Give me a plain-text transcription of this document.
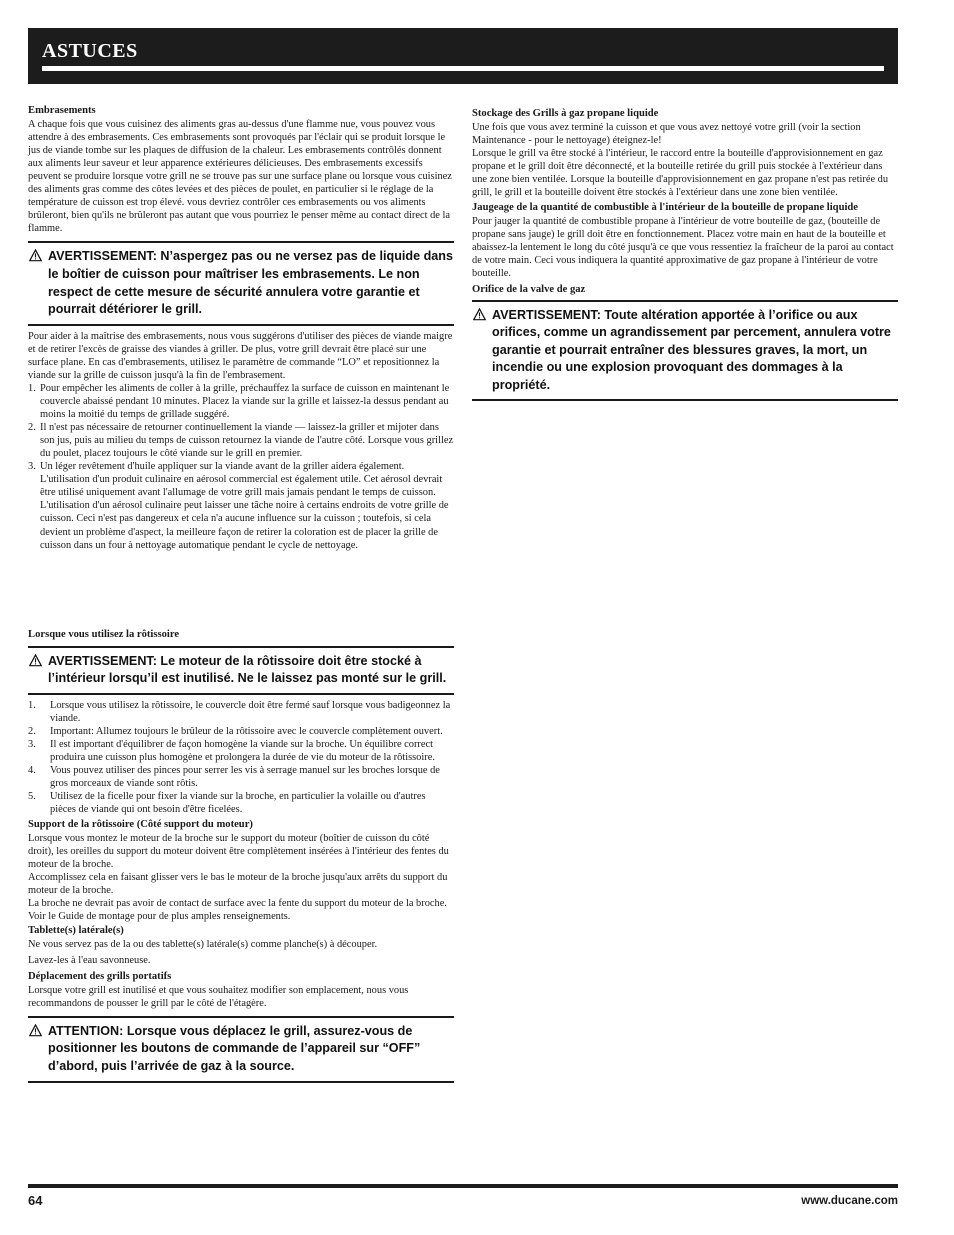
ASTUCES
Embrasements
A chaque fois que vous cuisinez des aliments gras au-dessus d'une flamme nue, vous pouvez vous attendre à des embrasements. Ces embrasements sont provoqués par l'éclair qui se produit lorsque le jus de viande tombe sur les plaques de diffusion de la chaleur. Les embrasements contrôlés donnent aux aliments leur saveur et leur apparence extérieures délicieuses. Des embrasements excessifs peuvent se produire lorsque votre grill ne se trouve pas sur une surface plane ou lorsque vous cuisinez des aliments gras comme des côtes levées et des pièces de poulet, en particulier si le réglage de la température de cuisson est trop élevé. vous devriez contrôler ces embrasements ou vos aliments brûleront, bien qu'ils ne brûleront pas autant que vous pourriez le penser même au contact direct de la flamme.
AVERTISSEMENT: N’aspergez pas ou ne versez pas de liquide dans le boîtier de cuisson pour maîtriser les embrasements. Le non respect de cette mesure de sécurité annulera votre garantie et pourrait détériorer le grill.
Pour aider à la maîtrise des embrasements, nous vous suggérons d'utiliser des pièces de viande maigre et de retirer l'excès de graisse des viandes à griller. De plus, votre grill devrait être placé sur une surface plane. En cas d'embrasements, utilisez le paramètre de commande “LO” et repositionnez la viande sur la grille de cuisson jusqu'à la fin de l'embrasement.
1. Pour empêcher les aliments de coller à la grille, préchauffez la surface de cuisson en maintenant le couvercle abaissé pendant 10 minutes. Placez la viande sur la grille et laissez-la dessus pendant au moins la moitié du temps de grillade suggéré.
2. Il n'est pas nécessaire de retourner continuellement la viande — laissez-la griller et mijoter dans son jus, puis au milieu du temps de cuisson retournez la viande de l'autre côté. Lorsque vous grillez du poulet, placez toujours le côté viande sur le grill en premier.
3. Un léger revêtement d'huile appliquer sur la viande avant de la griller aidera également. L'utilisation d'un produit culinaire en aérosol commercial est également utile. Cet aérosol devrait être utilisé uniquement avant l'allumage de votre grill mais jamais pendant le temps de cuisson. L'utilisation d'un aérosol culinaire peut laisser une tâche noire à certains endroits de votre grille de cuisson. Ceci n'est pas dangereux et cela n'a aucune influence sur la cuisson ; toutefois, si cela devient un problème d'aspect, la meilleure façon de retirer la coloration est de placer la grille de cuisson dans un four à nettoyage automatique pendant le cycle de nettoyage.
Lorsque vous utilisez la rôtissoire
AVERTISSEMENT: Le moteur de la rôtissoire doit être stocké à l’intérieur lorsqu’il est inutilisé. Ne le laissez pas monté sur le grill.
1. Lorsque vous utilisez la rôtissoire, le couvercle doit être fermé sauf lorsque vous badigeonnez la viande.
2. Important: Allumez toujours le brûleur de la rôtissoire avec le couvercle complètement ouvert.
3. Il est important d'équilibrer de façon homogène la viande sur la broche. Un équilibre correct produira une cuisson plus homogène et prolongera la durée de vie du moteur de la rôtissoire.
4. Vous pouvez utiliser des pinces pour serrer les vis à serrage manuel sur les broches lorsque de gros morceaux de viande sont rôtis.
5. Utilisez de la ficelle pour fixer la viande sur la broche, en particulier la volaille ou d'autres pièces de viande qui ont besoin d'être ficelées.
Support de la rôtissoire (Côté support du moteur)
Lorsque vous montez le moteur de la broche sur le support du moteur (boîtier de cuisson du côté droit), les oreilles du support du moteur doivent être complètement insérées à l'intérieur des fentes du moteur de la broche.
Accomplissez cela en faisant glisser vers le bas le moteur de la broche jusqu'aux arrêts du support du moteur de la broche.
La broche ne devrait pas avoir de contact de surface avec la fente du support du moteur de la broche. Voir le Guide de montage pour de plus amples renseignements.
Tablette(s) latérale(s)
Ne vous servez pas de la ou des tablette(s) latérale(s) comme planche(s) à découper.
Lavez-les à l'eau savonneuse.
Déplacement des grills portatifs
Lorsque votre grill est inutilisé et que vous souhaitez modifier son emplacement, nous vous recommandons de pousser le grill par le côté de l'étagère.
ATTENTION: Lorsque vous déplacez le grill, assurez-vous de positionner les boutons de commande de l’appareil sur “OFF” d’abord, puis l’arrivée de gaz à la source.
Stockage des Grills à gaz propane liquide
Une fois que vous avez terminé la cuisson et que vous avez nettoyé votre grill (voir la section Maintenance - pour le nettoyage) éteignez-le!
Lorsque le grill va être stocké à l'intérieur, le raccord entre la bouteille d'approvisionnement en gaz propane et le grill doit être déconnecté, et la bouteille retirée du grill puis stockée à l'extérieur dans une zone bien ventilée. Lorsque la bouteille d'approvisionnement en gaz propane n'est pas retirée du grill, le grill et la bouteille doivent être stockés à l'extérieur dans une zone bien ventilée.
Jaugeage de la quantité de combustible à l'intérieur de la bouteille de propane liquide
Pour jauger la quantité de combustible propane à l'intérieur de votre bouteille de gaz, (bouteille de propane sans jauge) le grill doit être en fonctionnement. Placez votre main en haut de la bouteille et abaissez-la lentement le long du côté jusqu'à ce que vous ressentiez la fraîcheur de la paroi au contact de votre main. Ceci vous indiquera la quantité approximative de gaz propane à l'intérieur de votre bouteille.
Orifice de la valve de gaz
AVERTISSEMENT: Toute altération apportée à l’orifice ou aux orifices, comme un agrandissement par percement, annulera votre garantie et pourrait entraîner des blessures graves, la mort, un incendie ou une explosion provoquant des dommages à la propriété.
64	www.ducane.com
